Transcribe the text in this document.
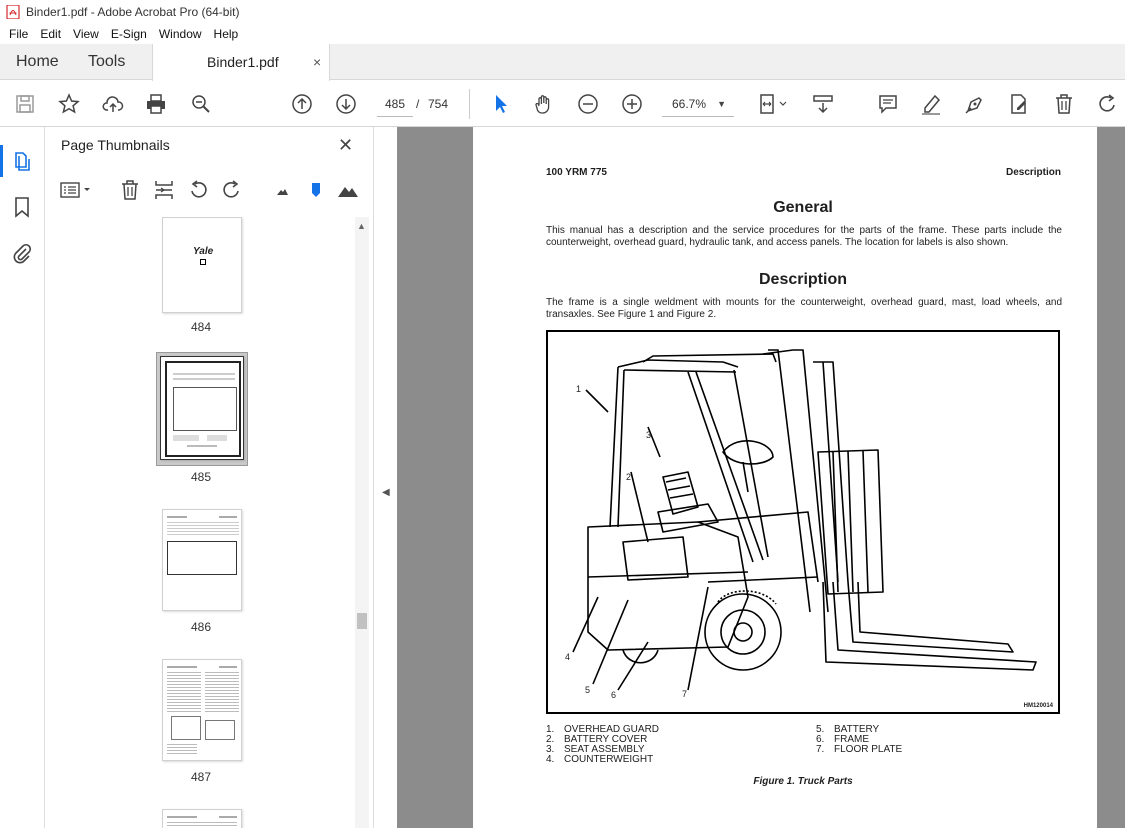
Binder1.pdf - Adobe Acrobat Pro (64-bit)
File	Edit	View	E-Sign	Window	Help
Home Tools	Binder1.pdf ×
485 / 754	66.7% ▼
Page Thumbnails	✕
Yale
484
485
486
487
▲
◀
100 YRM 775	Description
General

This manual has a description and the service procedures for the parts of the frame. These parts include the counterweight, overhead guard, hydraulic tank, and access panels. The location for labels is also shown.

Description

The frame is a single weldment with mounts for the counterweight, overhead guard, mast, load wheels, and transaxles. See Figure 1 and Figure 2.

1
2
3
4
5 6	7
HM120014
1. OVERHEAD GUARD
2. BATTERY COVER
3. SEAT ASSEMBLY
4. COUNTERWEIGHT
5. BATTERY
6. FRAME
7. FLOOR PLATE
Figure 1. Truck Parts
